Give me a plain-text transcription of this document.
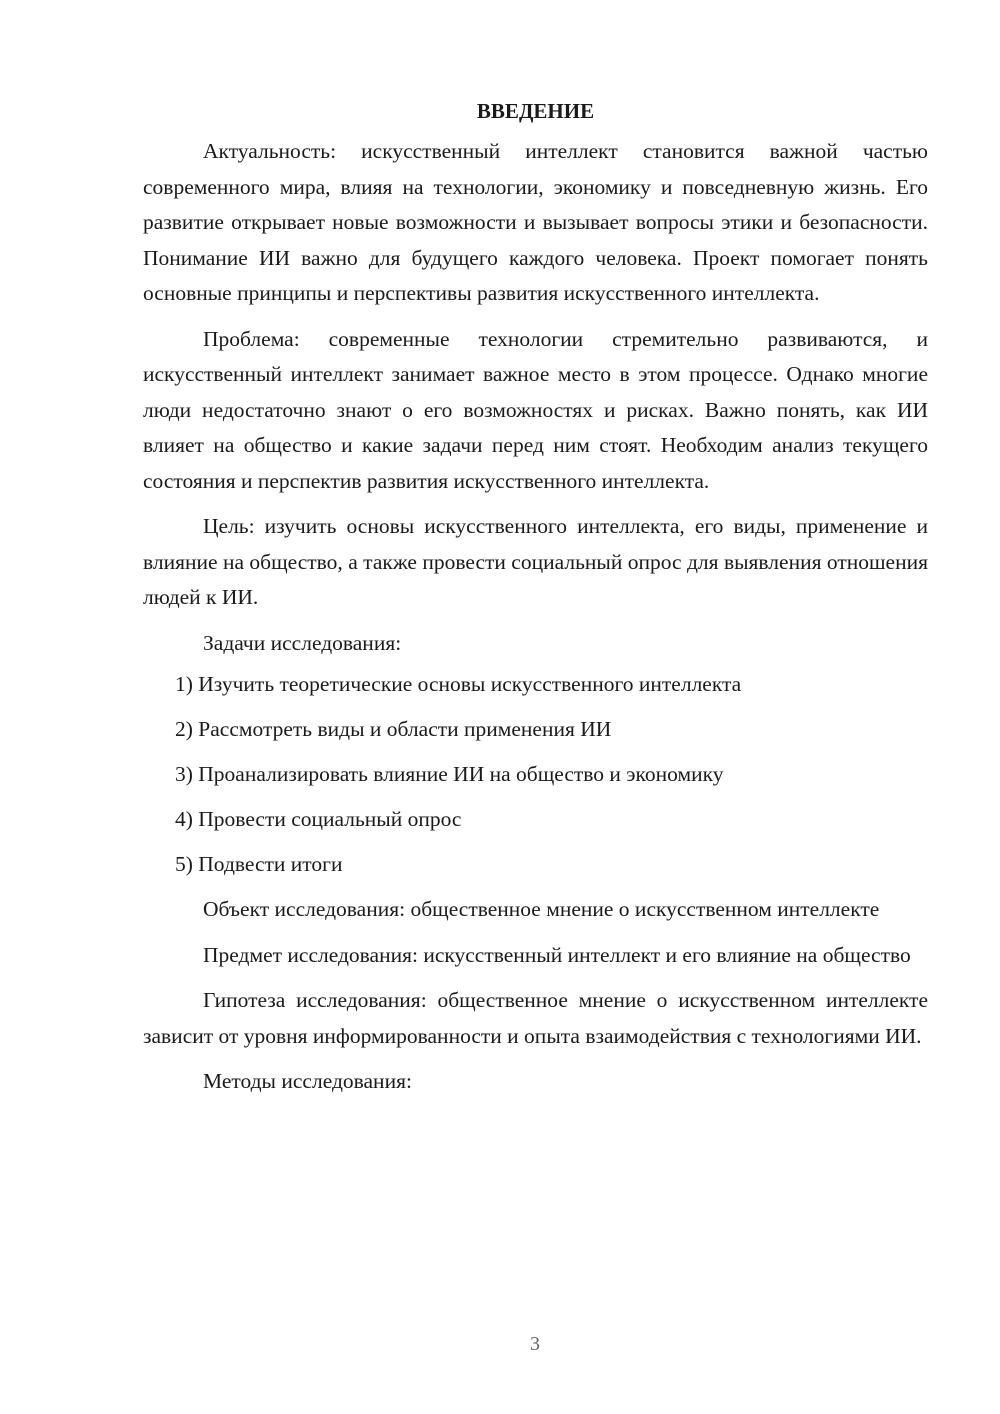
ВВЕДЕНИЕ

Актуальность: искусственный интеллект становится важной частью современного мира, влияя на технологии, экономику и повседневную жизнь. Его развитие открывает новые возможности и вызывает вопросы этики и безопасности. Понимание ИИ важно для будущего каждого человека. Проект помогает понять основные принципы и перспективы развития искусственного интеллекта.

Проблема: современные технологии стремительно развиваются, и искусственный интеллект занимает важное место в этом процессе. Однако многие люди недостаточно знают о его возможностях и рисках. Важно понять, как ИИ влияет на общество и какие задачи перед ним стоят. Необходим анализ текущего состояния и перспектив развития искусственного интеллекта.

Цель: изучить основы искусственного интеллекта, его виды, применение и влияние на общество, а также провести социальный опрос для выявления отношения людей к ИИ.

Задачи исследования:

1) Изучить теоретические основы искусственного интеллекта
2) Рассмотреть виды и области применения ИИ
3) Проанализировать влияние ИИ на общество и экономику
4) Провести социальный опрос
5) Подвести итоги

Объект исследования: общественное мнение о искусственном интеллекте

Предмет исследования: искусственный интеллект и его влияние на общество

Гипотеза исследования: общественное мнение о искусственном интеллекте зависит от уровня информированности и опыта взаимодействия с технологиями ИИ.

Методы исследования:

3
